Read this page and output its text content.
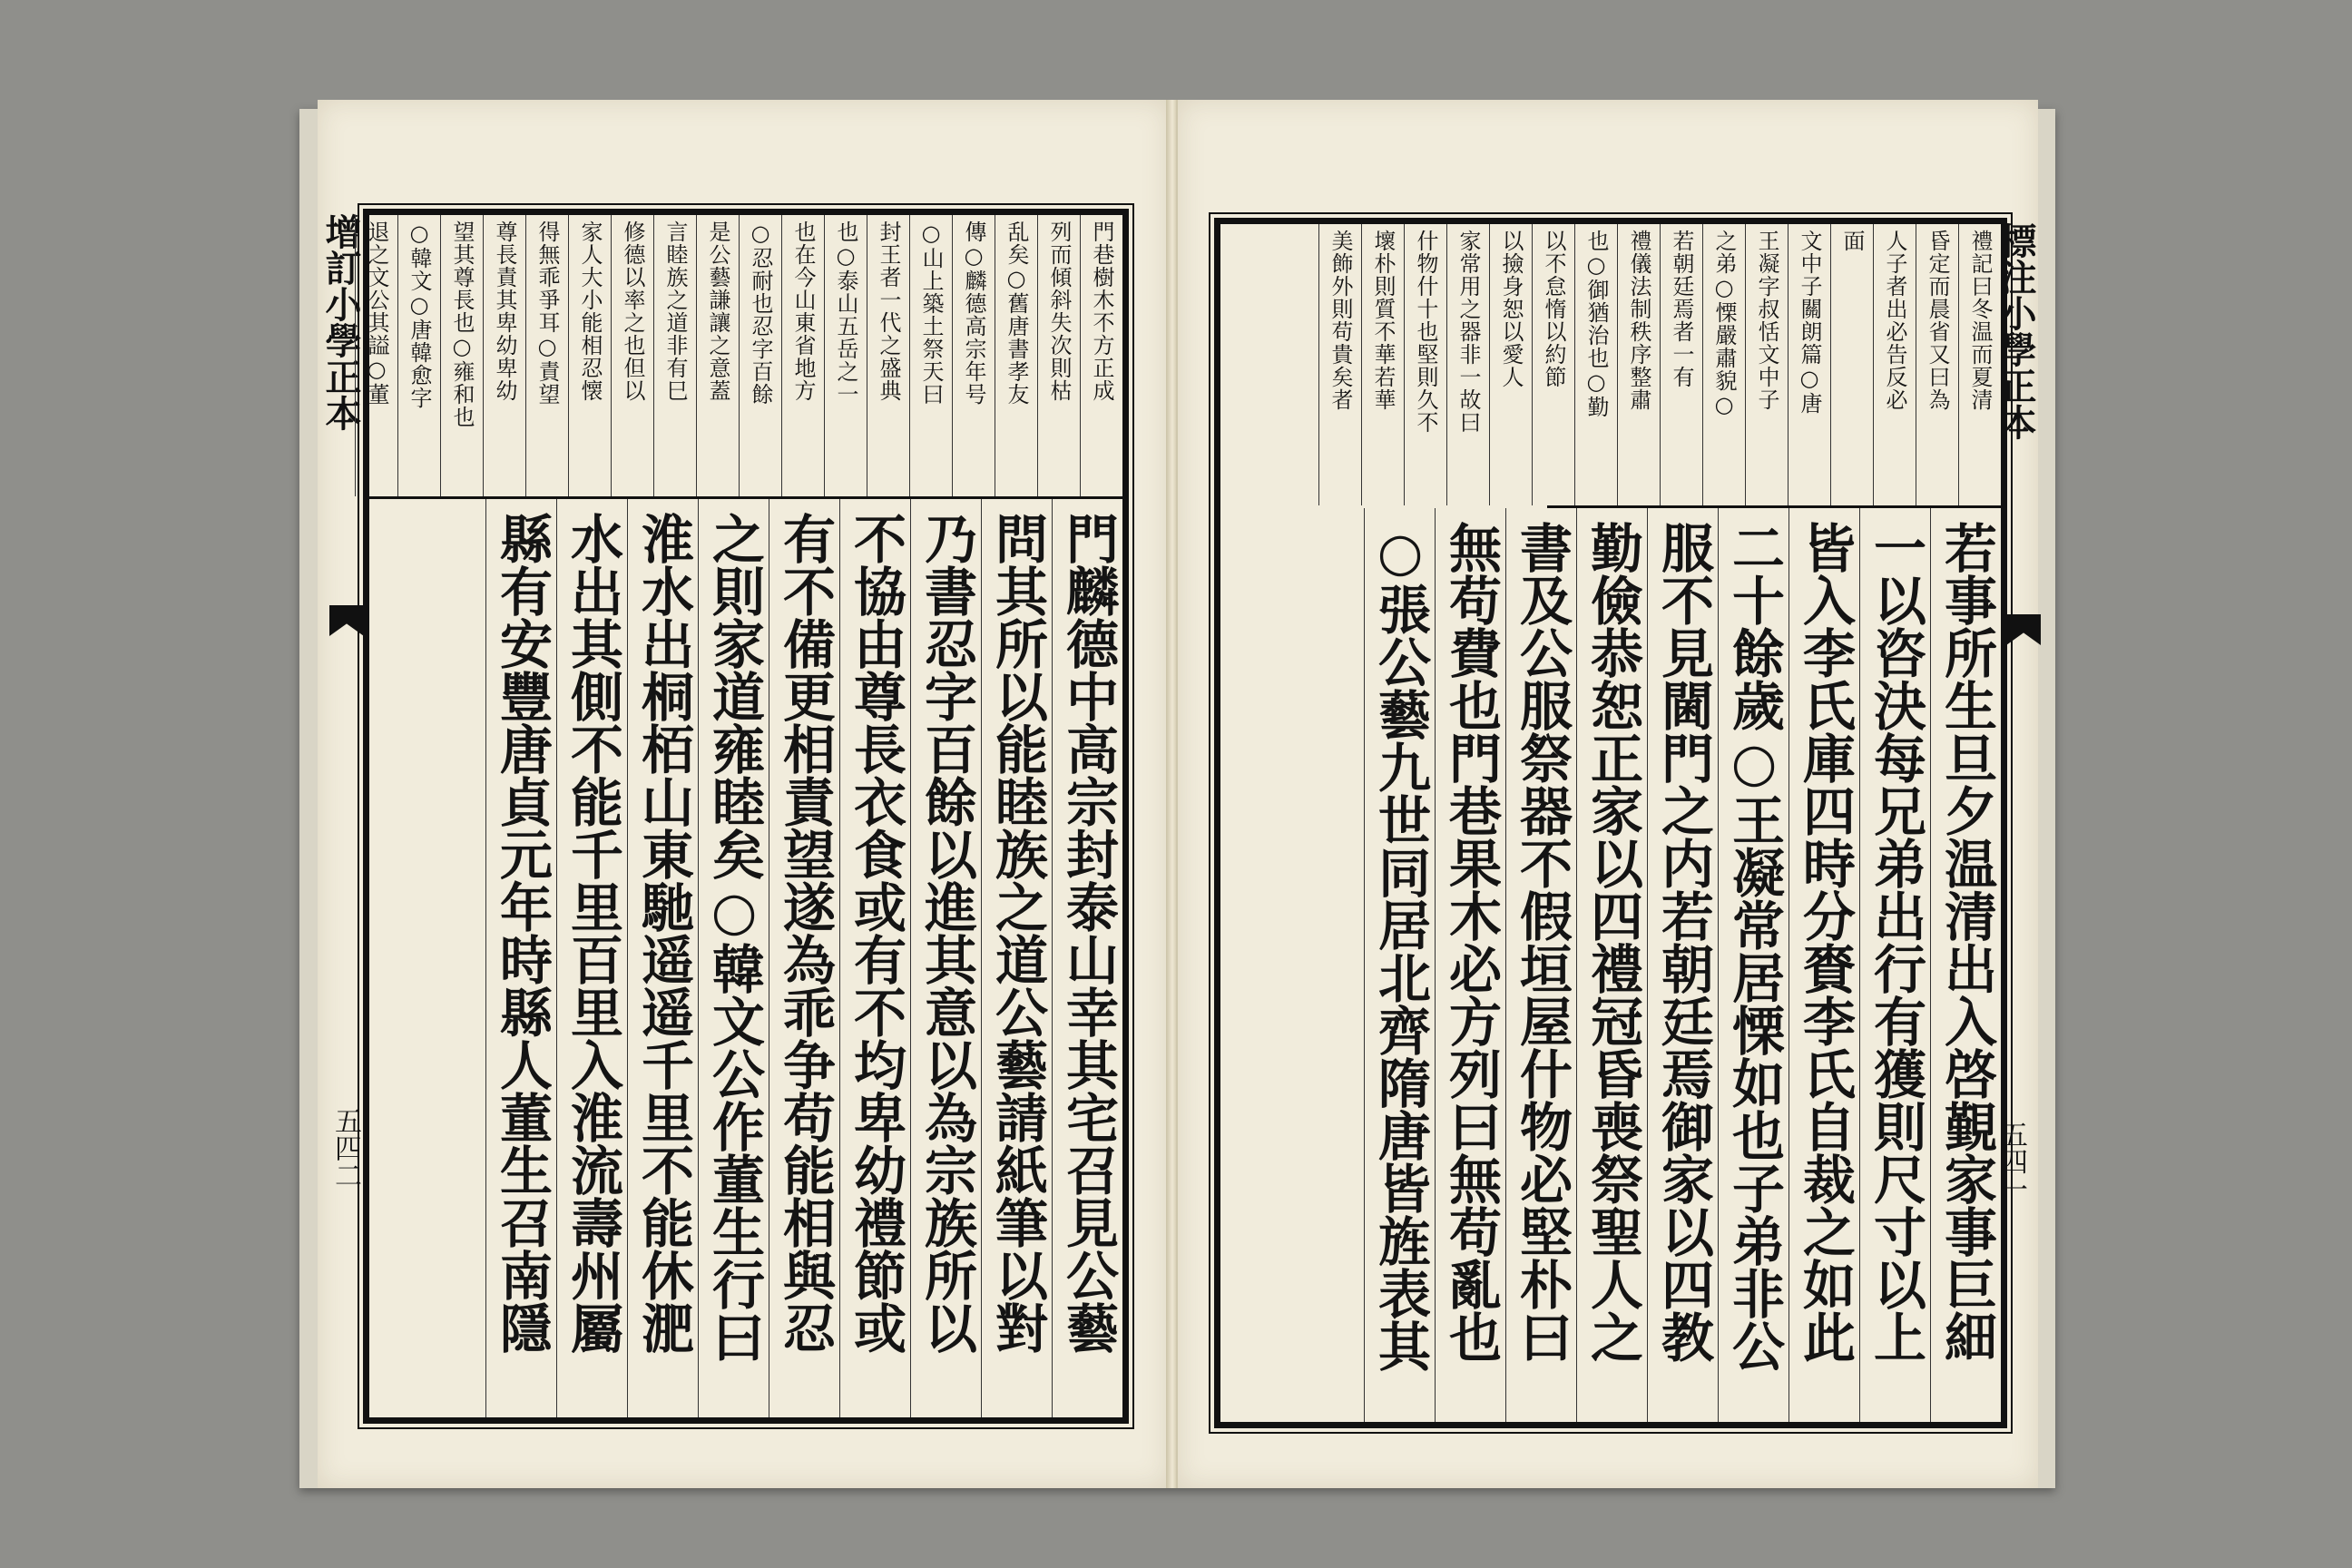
增訂小學正本
五四二
門巷樹木不方正成
列而傾斜失次則枯
乱矣○舊唐書孝友
傳○麟德高宗年号
○山上築土祭天曰
封王者一代之盛典
也○泰山五岳之一
也在今山東省地方
○忍耐也忍字百餘
是公藝謙讓之意蓋
言睦族之道非有巳
修德以率之也但以
家人大小能相忍懐
得無乖爭耳○責望
尊長責其卑幼卑幼
望其尊長也○雍和也
○韓文○唐韓愈字
退之文公其謚○董
門麟德中高宗封泰山幸其宅召見公藝
問其所以能睦族之道公藝請紙筆以對
乃書忍字百餘以進其意以為宗族所以
不協由尊長衣食或有不均卑幼禮節或
有不備更相責望遂為乖争苟能相與忍
之則家道雍睦矣○韓文公作董生行曰
淮水出桐栢山東馳遥遥千里不能休淝
水出其側不能千里百里入淮流壽州屬
縣有安豐唐貞元年時縣人董生召南隱
標注小學正本
五四一
禮記曰冬温而夏清
昏定而晨省又曰為
人子者出必告反必
面
文中子關朗篇○唐
王凝字叔恬文中子
之弟○慄嚴肅貌○
若朝廷焉者一有
禮儀法制秩序整肅
也○御猶治也○勤
以不怠惰以約節
以撿身恕以愛人
家常用之器非一故曰
什物什十也堅則久不
壞朴則質不華若華
美飾外則苟貴矣者
若事所生旦夕温清出入啓覲家事巨細
一以咨決每兄弟出行有獲則尺寸以上
皆入李氏庫四時分賚李氏自裁之如此
二十餘歲○王凝常居慄如也子弟非公
服不見閫門之内若朝廷焉御家以四教
勤儉恭恕正家以四禮冠昏喪祭聖人之
書及公服祭器不假垣屋什物必堅朴曰
無苟費也門巷果木必方列曰無苟亂也
○張公藝九世同居北齊隋唐皆旌表其
